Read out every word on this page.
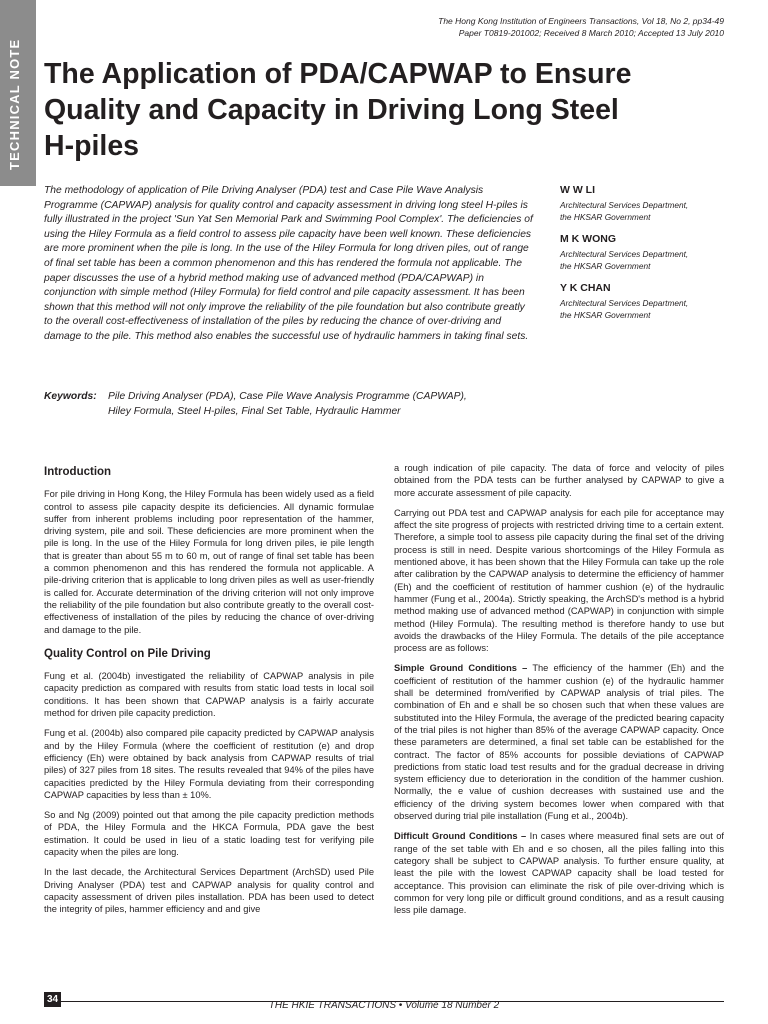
TECHNICAL NOTE
The Hong Kong Institution of Engineers Transactions, Vol 18, No 2, pp34-49
Paper T0819-201002; Received 8 March 2010; Accepted 13 July 2010
The Application of PDA/CAPWAP to Ensure Quality and Capacity in Driving Long Steel H-piles

The methodology of application of Pile Driving Analyser (PDA) test and Case Pile Wave Analysis Programme (CAPWAP) analysis for quality control and capacity assessment in driving long steel H-piles is fully illustrated in the project 'Sun Yat Sen Memorial Park and Swimming Pool Complex'. The deficiencies of using the Hiley Formula as a field control to assess pile capacity have been well known. These deficiencies are more prominent when the pile is long. In the use of the Hiley Formula for long driven piles, out of range of final set table has been a common phenomenon and this has rendered the formula not applicable. The paper discusses the use of a hybrid method making use of advanced method (PDA/CAPWAP) in conjunction with simple method (Hiley Formula) for field control and pile capacity assessment. It has been shown that this method will not only improve the reliability of the pile foundation but also contribute greatly to the overall cost-effectiveness of installation of the piles by reducing the chance of over-driving and damage to the pile. This method also enables the successful use of hydraulic hammers in taking final sets.

Keywords: Pile Driving Analyser (PDA), Case Pile Wave Analysis Programme (CAPWAP),
Hiley Formula, Steel H-piles, Final Set Table, Hydraulic Hammer

W W LI

Architectural Services Department,
the HKSAR Government

M K WONG

Architectural Services Department,
the HKSAR Government

Y K CHAN

Architectural Services Department,
the HKSAR Government

Introduction

For pile driving in Hong Kong, the Hiley Formula has been widely used as a field control to assess pile capacity despite its deficiencies. All dynamic formulae suffer from inherent problems including poor representation of the hammer, driving system, pile and soil. These deficiencies are more prominent when the pile is long. In the use of the Hiley Formula for long driven piles, ie pile length that is greater than about 55 m to 60 m, out of range of final set table has been a common phenomenon and this has rendered the formula not applicable. A pile-driving criterion that is applicable to long driven piles as well as user-friendly is called for. Accurate determination of the driving criterion will not only improve the reliability of the pile foundation but also contribute greatly to the overall cost-effectiveness of installation of the piles by reducing the chance of over-driving and damage to the pile.

Quality Control on Pile Driving

Fung et al. (2004b) investigated the reliability of CAPWAP analysis in pile capacity prediction as compared with results from static load tests in local soil conditions. It has been shown that CAPWAP analysis is a fairly accurate method for driven pile capacity prediction.

Fung et al. (2004b) also compared pile capacity predicted by CAPWAP analysis and by the Hiley Formula (where the coefficient of restitution (e) and drop efficiency (Eh) were obtained by back analysis from CAPWAP results of trial piles) of 327 piles from 18 sites. The results revealed that 94% of the piles have capacities predicted by the Hiley Formula deviating from their corresponding CAPWAP capacities by less than ± 10%.

So and Ng (2009) pointed out that among the pile capacity prediction methods of PDA, the Hiley Formula and the HKCA Formula, PDA gave the best estimation. It could be used in lieu of a static loading test for verifying pile capacity when the piles are long.

In the last decade, the Architectural Services Department (ArchSD) used Pile Driving Analyser (PDA) test and CAPWAP analysis for quality control and capacity assessment of driven piles installation. PDA has been used to detect the integrity of piles, hammer efficiency and and give

a rough indication of pile capacity. The data of force and velocity of piles obtained from the PDA tests can be further analysed by CAPWAP to give a more accurate assessment of pile capacity.

Carrying out PDA test and CAPWAP analysis for each pile for acceptance may affect the site progress of projects with restricted driving time to a certain extent. Therefore, a simple tool to assess pile capacity during the final set of the driving process is still in need. Despite various shortcomings of the Hiley Formula as mentioned above, it has been shown that the Hiley Formula can take up the role after calibration by the CAPWAP analysis to determine the efficiency of hammer (Eh) and the coefficient of restitution of hammer cushion (e) of the hydraulic hammer (Fung et al., 2004a). Strictly speaking, the ArchSD's method is a hybrid method making use of advanced method (CAPWAP) in conjunction with simple method (Hiley Formula). The resulting method is therefore handy to use but avoids the drawbacks of the Hiley Formula. The details of the pile acceptance process are as follows:

Simple Ground Conditions – The efficiency of the hammer (Eh) and the coefficient of restitution of the hammer cushion (e) of the hydraulic hammer shall be determined from/verified by CAPWAP analysis of trial piles. The combination of Eh and e shall be so chosen such that when these values are substituted into the Hiley Formula, the average of the predicted bearing capacity of the trial piles is not higher than 85% of the average CAPWAP capacity. Once these parameters are determined, a final set table can be established for the contract. The factor of 85% accounts for possible deviations of CAPWAP predictions from static load test results and for the gradual decrease in driving system efficiency due to deterioration in the condition of the hammer cushion. Normally, the e value of cushion decreases with sustained use and the efficiency of the driving system becomes lower when compared with that observed during trial pile installation (Fung et al., 2004b).

Difficult Ground Conditions – In cases where measured final sets are out of range of the set table with Eh and e so chosen, all the piles falling into this category shall be subject to CAPWAP analysis. To further ensure quality, at least the pile with the lowest CAPWAP capacity shall be load tested for acceptance. This provision can eliminate the risk of pile over-driving which is common for very long pile or difficult ground conditions, and as a result causing less pile damage.

THE HKIE TRANSACTIONS • Volume 18 Number 2
34
